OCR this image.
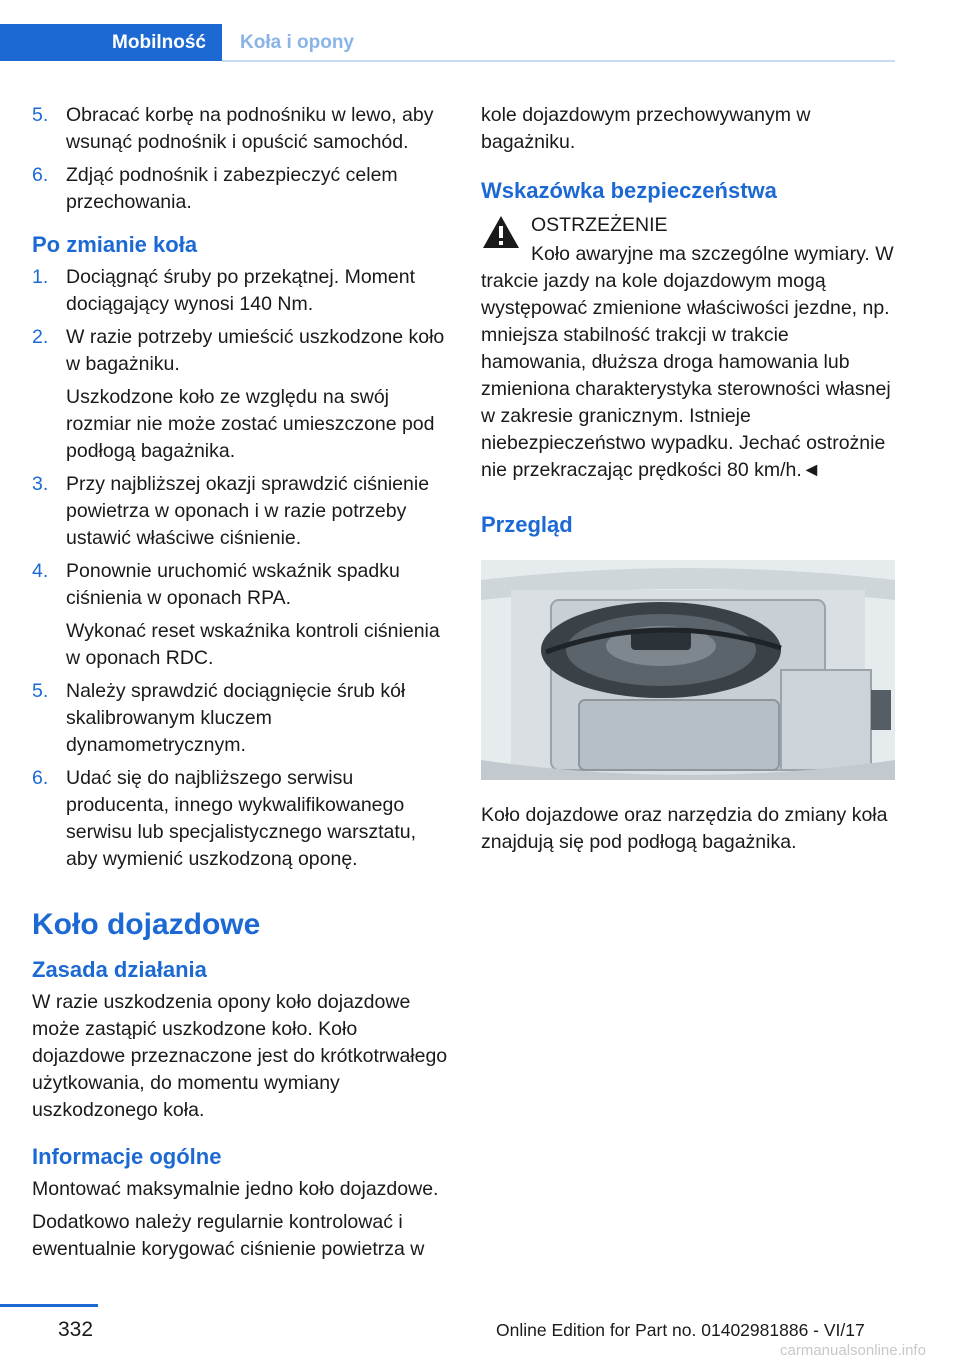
Mobilność	Koła i opony
5. Obracać korbę na podnośniku w lewo, aby wsunąć podnośnik i opuścić samochód.
6. Zdjąć podnośnik i zabezpieczyć celem przechowania.
Po zmianie koła
1. Dociągnąć śruby po przekątnej. Moment dociągający wynosi 140 Nm.
2. W razie potrzeby umieścić uszkodzone koło w bagażniku.
Uszkodzone koło ze względu na swój rozmiar nie może zostać umieszczone pod podłogą bagażnika.
3. Przy najbliższej okazji sprawdzić ciśnienie powietrza w oponach i w razie potrzeby ustawić właściwe ciśnienie.
4. Ponownie uruchomić wskaźnik spadku ciśnienia w oponach RPA.
Wykonać reset wskaźnika kontroli ciśnienia w oponach RDC.
5. Należy sprawdzić dociągnięcie śrub kół skalibrowanym kluczem dynamometrycznym.
6. Udać się do najbliższego serwisu producenta, innego wykwalifikowanego serwisu lub specjalistycznego warsztatu, aby wymienić uszkodzoną oponę.
Koło dojazdowe
Zasada działania

W razie uszkodzenia opony koło dojazdowe może zastąpić uszkodzone koło. Koło dojazdowe przeznaczone jest do krótkotrwałego użytkowania, do momentu wymiany uszkodzonego koła.

Informacje ogólne

Montować maksymalnie jedno koło dojazdowe.

Dodatkowo należy regularnie kontrolować i ewentualnie korygować ciśnienie powietrza w

kole dojazdowym przechowywanym w bagażniku.

Wskazówka bezpieczeństwa
OSTRZEŻENIE

Koło awaryjne ma szczególne wymiary. W trakcie jazdy na kole dojazdowym mogą występować zmienione właściwości jezdne, np. mniejsza stabilność trakcji w trakcie hamowania, dłuższa droga hamowania lub zmieniona charakterystyka sterowności własnej w zakresie granicznym. Istnieje niebezpieczeństwo wypadku. Jechać ostrożnie nie przekraczając prędkości 80 km/h.◄

Przegląd

Koło dojazdowe oraz narzędzia do zmiany koła znajdują się pod podłogą bagażnika.

332	Online Edition for Part no. 01402981886 - VI/17
carmanualsonline.info
